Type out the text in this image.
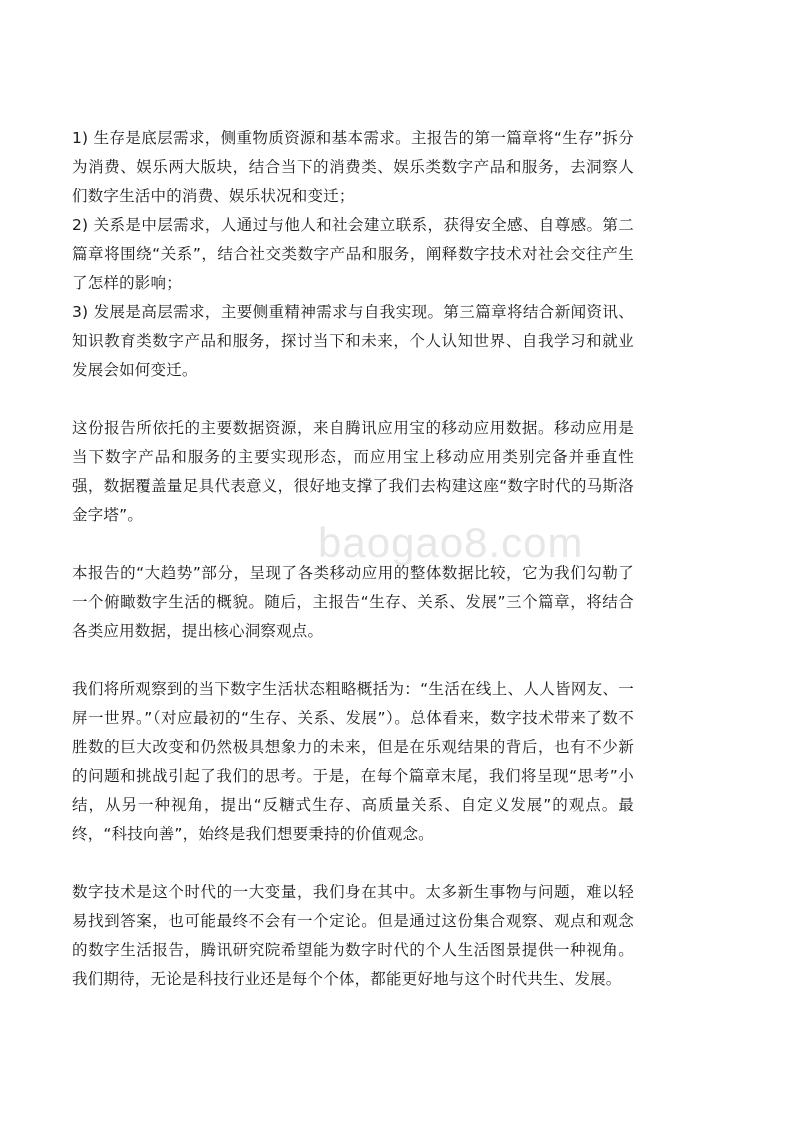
1) 生存是底层需求，侧重物质资源和基本需求。主报告的第一篇章将“生存”拆分为消费、娱乐两大版块，结合当下的消费类、娱乐类数字产品和服务，去洞察人们数字生活中的消费、娱乐状况和变迁；

2) 关系是中层需求，人通过与他人和社会建立联系，获得安全感、自尊感。第二篇章将围绕“关系”，结合社交类数字产品和服务，阐释数字技术对社会交往产生了怎样的影响；

3) 发展是高层需求，主要侧重精神需求与自我实现。第三篇章将结合新闻资讯、知识教育类数字产品和服务，探讨当下和未来，个人认知世界、自我学习和就业发展会如何变迁。

这份报告所依托的主要数据资源，来自腾讯应用宝的移动应用数据。移动应用是当下数字产品和服务的主要实现形态，而应用宝上移动应用类别完备并垂直性强，数据覆盖量足具代表意义，很好地支撑了我们去构建这座“数字时代的马斯洛金字塔”。

本报告的“大趋势”部分，呈现了各类移动应用的整体数据比较，它为我们勾勒了一个俯瞰数字生活的概貌。随后，主报告“生存、关系、发展”三个篇章，将结合各类应用数据，提出核心洞察观点。

我们将所观察到的当下数字生活状态粗略概括为：“生活在线上、人人皆网友、一屏一世界。”（对应最初的“生存、关系、发展”）。总体看来，数字技术带来了数不胜数的巨大改变和仍然极具想象力的未来，但是在乐观结果的背后，也有不少新的问题和挑战引起了我们的思考。于是，在每个篇章末尾，我们将呈现“思考”小结，从另一种视角，提出“反糖式生存、高质量关系、自定义发展”的观点。最终，“科技向善”，始终是我们想要秉持的价值观念。

数字技术是这个时代的一大变量，我们身在其中。太多新生事物与问题，难以轻易找到答案，也可能最终不会有一个定论。但是通过这份集合观察、观点和观念的数字生活报告，腾讯研究院希望能为数字时代的个人生活图景提供一种视角。我们期待，无论是科技行业还是每个个体，都能更好地与这个时代共生、发展。

baogao8.com
